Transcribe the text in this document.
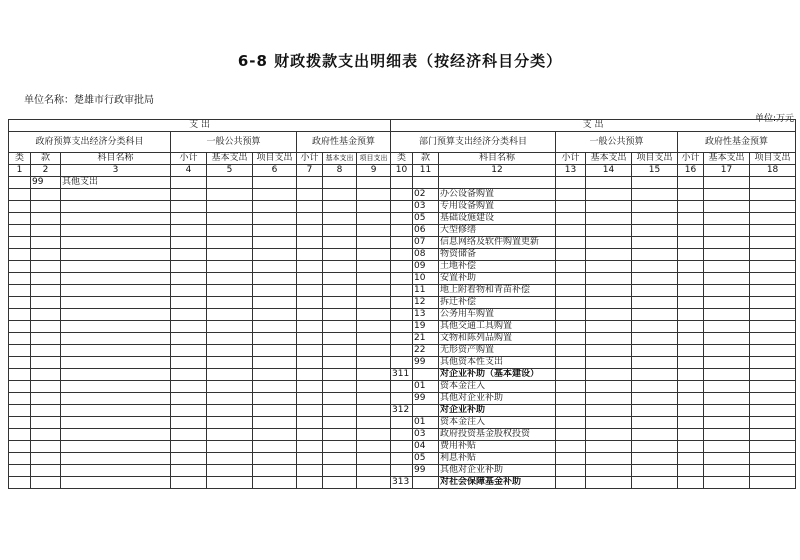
6-8 财政拨款支出明细表（按经济科目分类）
单位名称：楚雄市行政审批局
单位:万元
支 出								
政府预算支出经济分类科目			一般公共预算			政府性基金预算		
类	款	科目名称	小计	基本支出	项目支出	小计	基本支出	项目支出
1	2	3	4	5	6	7	8	9
	99	其他支出						

支 出								
部门预算支出经济分类科目			一般公共预算			政府性基金预算		
类	款	科目名称	小计	基本支出	项目支出	小计	基本支出	项目支出
10	11	12	13	14	15	16	17	18

	02	办公设备购置						
	03	专用设备购置						
	05	基础设施建设						
	06	大型修缮						
	07	信息网络及软件购置更新						
	08	物资储备						
	09	土地补偿						
	10	安置补助						
	11	地上附着物和青苗补偿						
	12	拆迁补偿						
	13	公务用车购置						
	19	其他交通工具购置						
	21	文物和陈列品购置						
	22	无形资产购置						
	99	其他资本性支出						
311		对企业补助（基本建设）						
	01	资本金注入						
	99	其他对企业补助						
312		对企业补助						
	01	资本金注入						
	03	政府投资基金股权投资						
	04	费用补贴						
	05	利息补贴						
	99	其他对企业补助						
313		对社会保障基金补助						
